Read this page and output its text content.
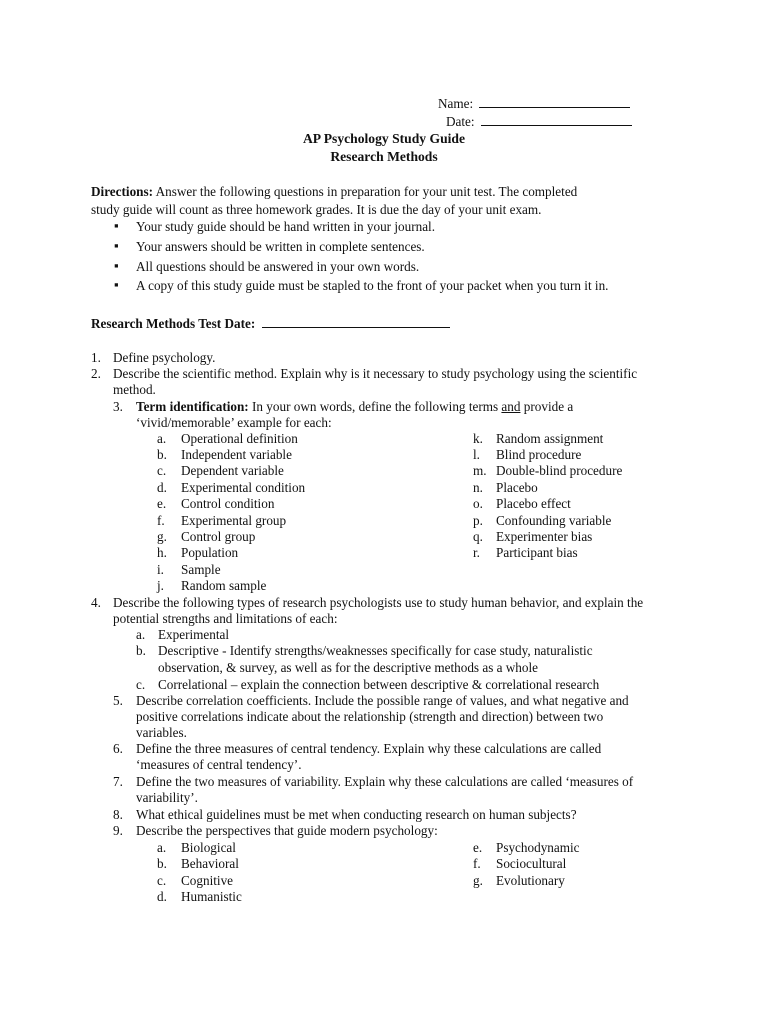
Name:
Date:
AP Psychology Study Guide
Research Methods
Directions: Answer the following questions in preparation for your unit test. The completed
study guide will count as three homework grades. It is due the day of your unit exam.
▪ Your study guide should be hand written in your journal.
▪ Your answers should be written in complete sentences.
▪ All questions should be answered in your own words.
▪ A copy of this study guide must be stapled to the front of your packet when you turn it in.
Research Methods Test Date:
1. Define psychology.
2. Describe the scientific method. Explain why is it necessary to study psychology using the scientific
method.
3. Term identification: In your own words, define the following terms and provide a
‘vivid/memorable’ example for each:
a. Operational definition
b. Independent variable
c. Dependent variable
d. Experimental condition
e. Control condition
f. Experimental group
g. Control group
h. Population
i. Sample
j. Random sample
k. Random assignment
l. Blind procedure
m. Double-blind procedure
n. Placebo
o. Placebo effect
p. Confounding variable
q. Experimenter bias
r. Participant bias
4. Describe the following types of research psychologists use to study human behavior, and explain the
potential strengths and limitations of each:
a. Experimental
b. Descriptive - Identify strengths/weaknesses specifically for case study, naturalistic
observation, & survey, as well as for the descriptive methods as a whole
c. Correlational – explain the connection between descriptive & correlational research
5. Describe correlation coefficients. Include the possible range of values, and what negative and
positive correlations indicate about the relationship (strength and direction) between two
variables.
6. Define the three measures of central tendency. Explain why these calculations are called
‘measures of central tendency’.
7. Define the two measures of variability. Explain why these calculations are called ‘measures of
variability’.
8. What ethical guidelines must be met when conducting research on human subjects?
9. Describe the perspectives that guide modern psychology:
a. Biological
b. Behavioral
c. Cognitive
d. Humanistic
e. Psychodynamic
f. Sociocultural
g. Evolutionary
